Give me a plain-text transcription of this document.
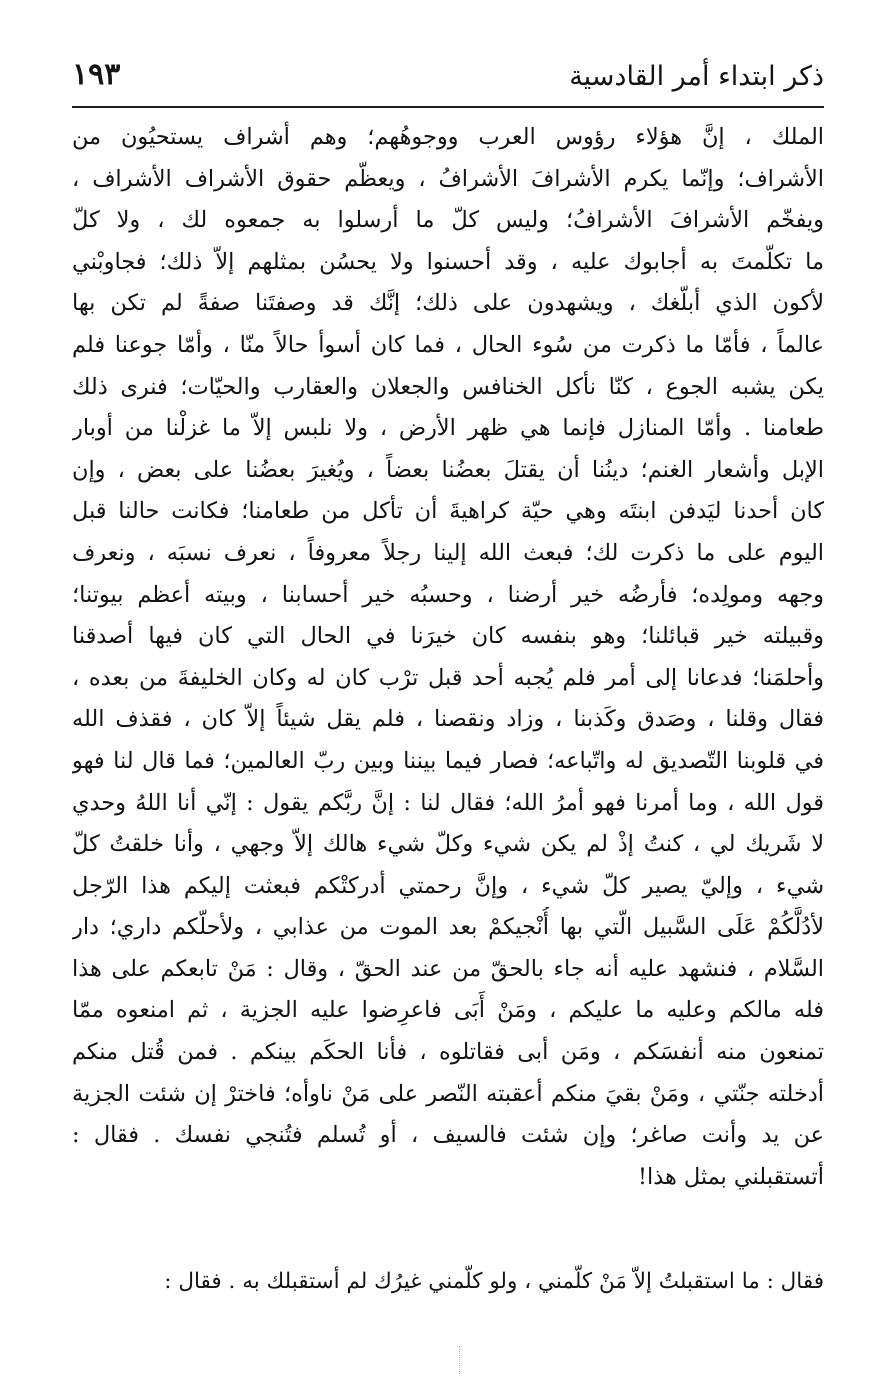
ذكر ابتداء أمر القادسية
١٩٣
الملك ، إنَّ هؤلاء رؤوس العرب ووجوهُهم؛ وهم أشراف يستحيُون من
الأشراف؛ وإنّما يكرم الأشرافَ الأشرافُ ، ويعظّم حقوق الأشراف الأشراف ،
ويفخّم الأشرافَ الأشرافُ؛ وليس كلّ ما أرسلوا به جمعوه لك ، ولا كلّ
ما تكلّمتَ به أجابوك عليه ، وقد أحسنوا ولا يحسُن بمثلهم إلاّ ذلك؛ فجاوبْني
لأكون الذي أبلّغك ، ويشهدون على ذلك؛ إنَّك قد وصفتَنا صفةً لم تكن بها
عالماً ، فأمّا ما ذكرت من سُوء الحال ، فما كان أسوأ حالاً منّا ، وأمّا جوعنا فلم
يكن يشبه الجوع ، كنّا نأكل الخنافس والجعلان والعقارب والحيّات؛ فنرى ذلك
طعامنا . وأمّا المنازل فإنما هي ظهر الأرض ، ولا نلبس إلاّ ما غزلْنا من أوبار
الإبل وأشعار الغنم؛ دينُنا أن يقتلَ بعضُنا بعضاً ، ويُغيرَ بعضُنا على بعض ، وإن
كان أحدنا ليَدفن ابنتَه وهي حيّة كراهيةَ أن تأكل من طعامنا؛ فكانت حالنا قبل
اليوم على ما ذكرت لك؛ فبعث الله إلينا رجلاً معروفاً ، نعرف نسبَه ، ونعرف
وجهه ومولِده؛ فأرضُه خير أرضنا ، وحسبُه خير أحسابنا ، وبيته أعظم بيوتنا؛
وقبيلته خير قبائلنا؛ وهو بنفسه كان خيرَنا في الحال التي كان فيها أصدقنا
وأحلمَنا؛ فدعانا إلى أمر فلم يُجبه أحد قبل ترْب كان له وكان الخليفةَ من بعده ،
فقال وقلنا ، وصَدق وكَذبنا ، وزاد ونقصنا ، فلم يقل شيئاً إلاّ كان ، فقذف الله
في قلوبنا التّصديق له واتّباعه؛ فصار فيما بيننا وبين ربّ العالمين؛ فما قال لنا فهو
قول الله ، وما أمرنا فهو أمرُ الله؛ فقال لنا : إنَّ ربَّكم يقول : إنّي أنا اللهُ وحدي
لا شَريك لي ، كنتُ إذْ لم يكن شيء وكلّ شيء هالك إلاّ وجهي ، وأنا خلقتُ كلّ
شيء ، وإليّ يصير كلّ شيء ، وإنَّ رحمتي أدركتْكم فبعثت إليكم هذا الرّجل
لأدُلَّكُمْ عَلَى السَّبيل الّتي بها أُنْجيكمْ بعد الموت من عذابي ، ولأحلّكم داري؛ دار
السَّلام ، فنشهد عليه أنه جاء بالحقّ من عند الحقّ ، وقال : مَنْ تابعكم على هذا
فله مالكم وعليه ما عليكم ، ومَنْ أَبَى فاعرِضوا عليه الجزية ، ثم امنعوه ممّا
تمنعون منه أنفسَكم ، ومَن أبى فقاتلوه ، فأنا الحكَم بينكم . فمن قُتل منكم
أدخلته جنّتي ، ومَنْ بقيَ منكم أعقبته النّصر على مَنْ ناوأه؛ فاخترْ إن شئت الجزية
عن يد وأنت صاغر؛ وإن شئت فالسيف ، أو تُسلم فتُنجي نفسك . فقال :
أتستقبلني بمثل هذا!
فقال : ما استقبلتُ إلاّ مَنْ كلّمني ، ولو كلّمني غيرُك لم أستقبلك به . فقال :
